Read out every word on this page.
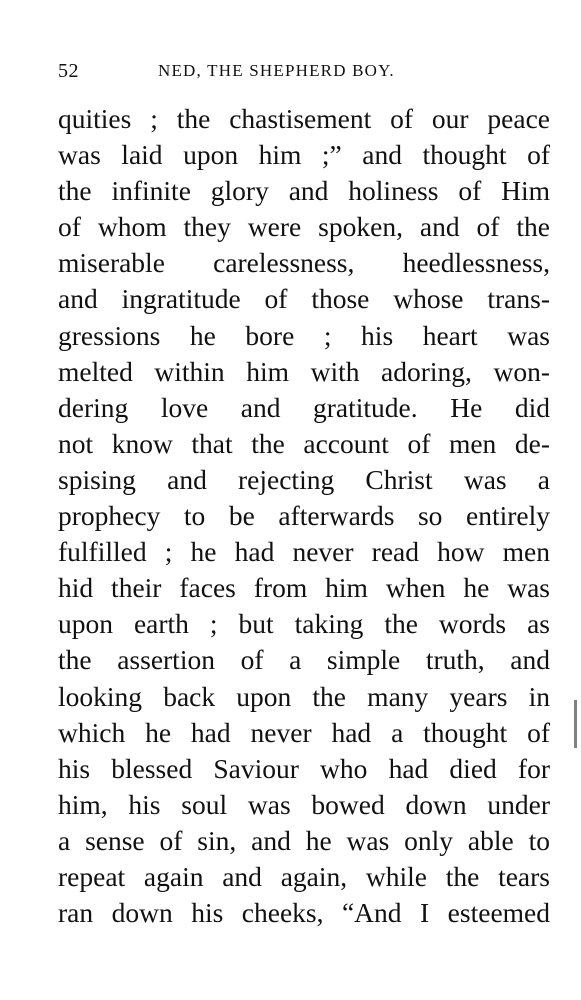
52	NED, THE SHEPHERD BOY.
quities ; the chastisement of our peace
was laid upon him ;” and thought of
the infinite glory and holiness of Him
of whom they were spoken, and of the
miserable carelessness, heedlessness,
and ingratitude of those whose trans-
gressions he bore ; his heart was
melted within him with adoring, won-
dering love and gratitude. He did
not know that the account of men de-
spising and rejecting Christ was a
prophecy to be afterwards so entirely
fulfilled ; he had never read how men
hid their faces from him when he was
upon earth ; but taking the words as
the assertion of a simple truth, and
looking back upon the many years in
which he had never had a thought of
his blessed Saviour who had died for
him, his soul was bowed down under
a sense of sin, and he was only able to
repeat again and again, while the tears
ran down his cheeks, “And I esteemed
